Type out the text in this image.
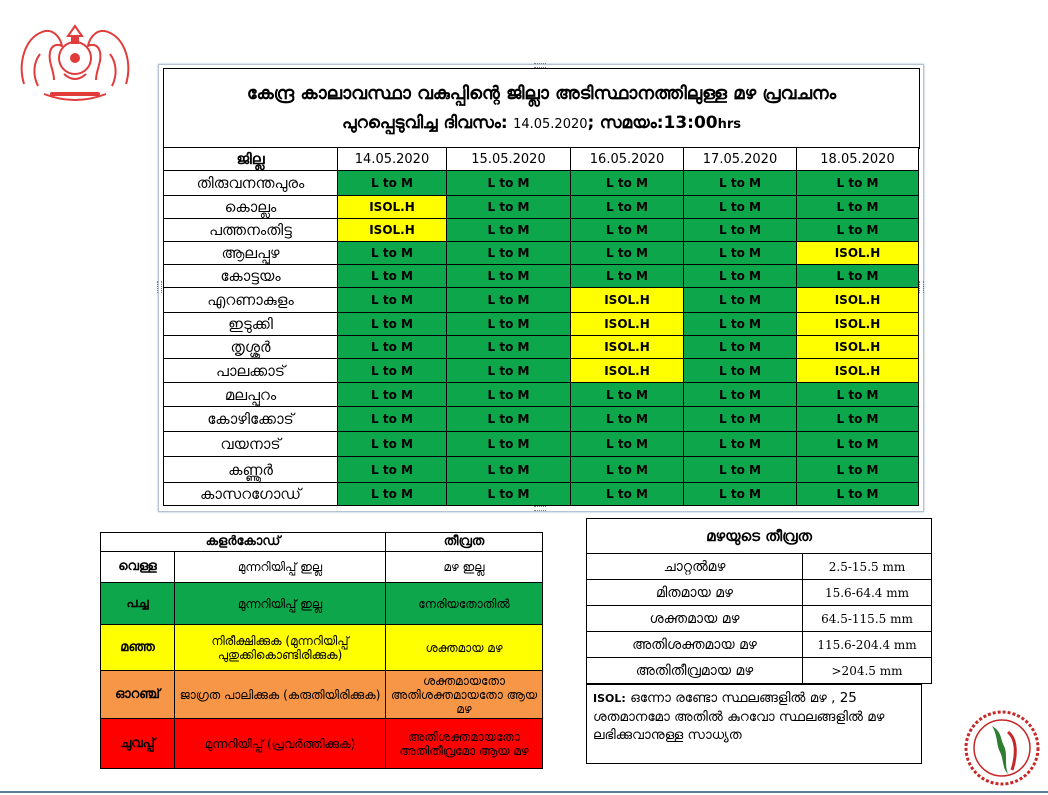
കേന്ദ്ര കാലാവസ്ഥാ വകുപ്പിന്റെ ജില്ലാ അടിസ്ഥാനത്തിലുള്ള മഴ പ്രവചനം
പുറപ്പെടുവിച്ച ദിവസം: 14.05.2020; സമയം:13:00hrs
ജില്ല	14.05.2020	15.05.2020	16.05.2020	17.05.2020	18.05.2020
തിരുവനന്തപുരം	L to M	L to M	L to M	L to M	L to M
കൊല്ലം	ISOL.H	L to M	L to M	L to M	L to M
പത്തനംതിട്ട	ISOL.H	L to M	L to M	L to M	L to M
ആലപ്പുഴ	L to M	L to M	L to M	L to M	ISOL.H
കോട്ടയം	L to M	L to M	L to M	L to M	L to M
എറണാകുളം	L to M	L to M	ISOL.H	L to M	ISOL.H
ഇടുക്കി	L to M	L to M	ISOL.H	L to M	ISOL.H
തൃശ്ശൂർ	L to M	L to M	ISOL.H	L to M	ISOL.H
പാലക്കാട്	L to M	L to M	ISOL.H	L to M	ISOL.H
മലപ്പുറം	L to M	L to M	L to M	L to M	L to M
കോഴിക്കോട്	L to M	L to M	L to M	L to M	L to M
വയനാട്	L to M	L to M	L to M	L to M	L to M
കണ്ണൂർ	L to M	L to M	L to M	L to M	L to M
കാസറഗോഡ്	L to M	L to M	L to M	L to M	L to M
കളർകോഡ്		തീവ്രത
വെള്ള	മുന്നറിയിപ്പ് ഇല്ല	മഴ ഇല്ല
പച്ച	മുന്നറിയിപ്പ് ഇല്ല	നേരിയതോതിൽ
മഞ്ഞ	നിരീക്ഷിക്കുക (മുന്നറിയിപ്പ് പുതുക്കികൊണ്ടിരിക്കുക)	ശക്തമായ മഴ
ഓറഞ്ച്	ജാഗ്രത പാലിക്കുക (കരുതിയിരിക്കുക)	ശക്തമായതോ അതിശക്തമായതോ ആയ മഴ
ചുവപ്പ്	മുന്നറിയിപ്പ് (പ്രവർത്തിക്കുക)	അതിശക്തമായതോ അതിതീവ്രമോ ആയ മഴ
മഴയുടെ തീവ്രത	
ചാറ്റൽമഴ	2.5-15.5 mm
മിതമായ മഴ	15.6-64.4 mm
ശക്തമായ മഴ	64.5-115.5 mm
അതിശക്തമായ മഴ	115.6-204.4 mm
അതിതീവ്രമായ മഴ	>204.5 mm
ISOL: ഒന്നോ രണ്ടോ സ്ഥലങ്ങളിൽ മഴ , 25 ശതമാനമോ അതിൽ കുറവോ സ്ഥലങ്ങളിൽ മഴ ലഭിക്കുവാനുള്ള സാധ്യത
